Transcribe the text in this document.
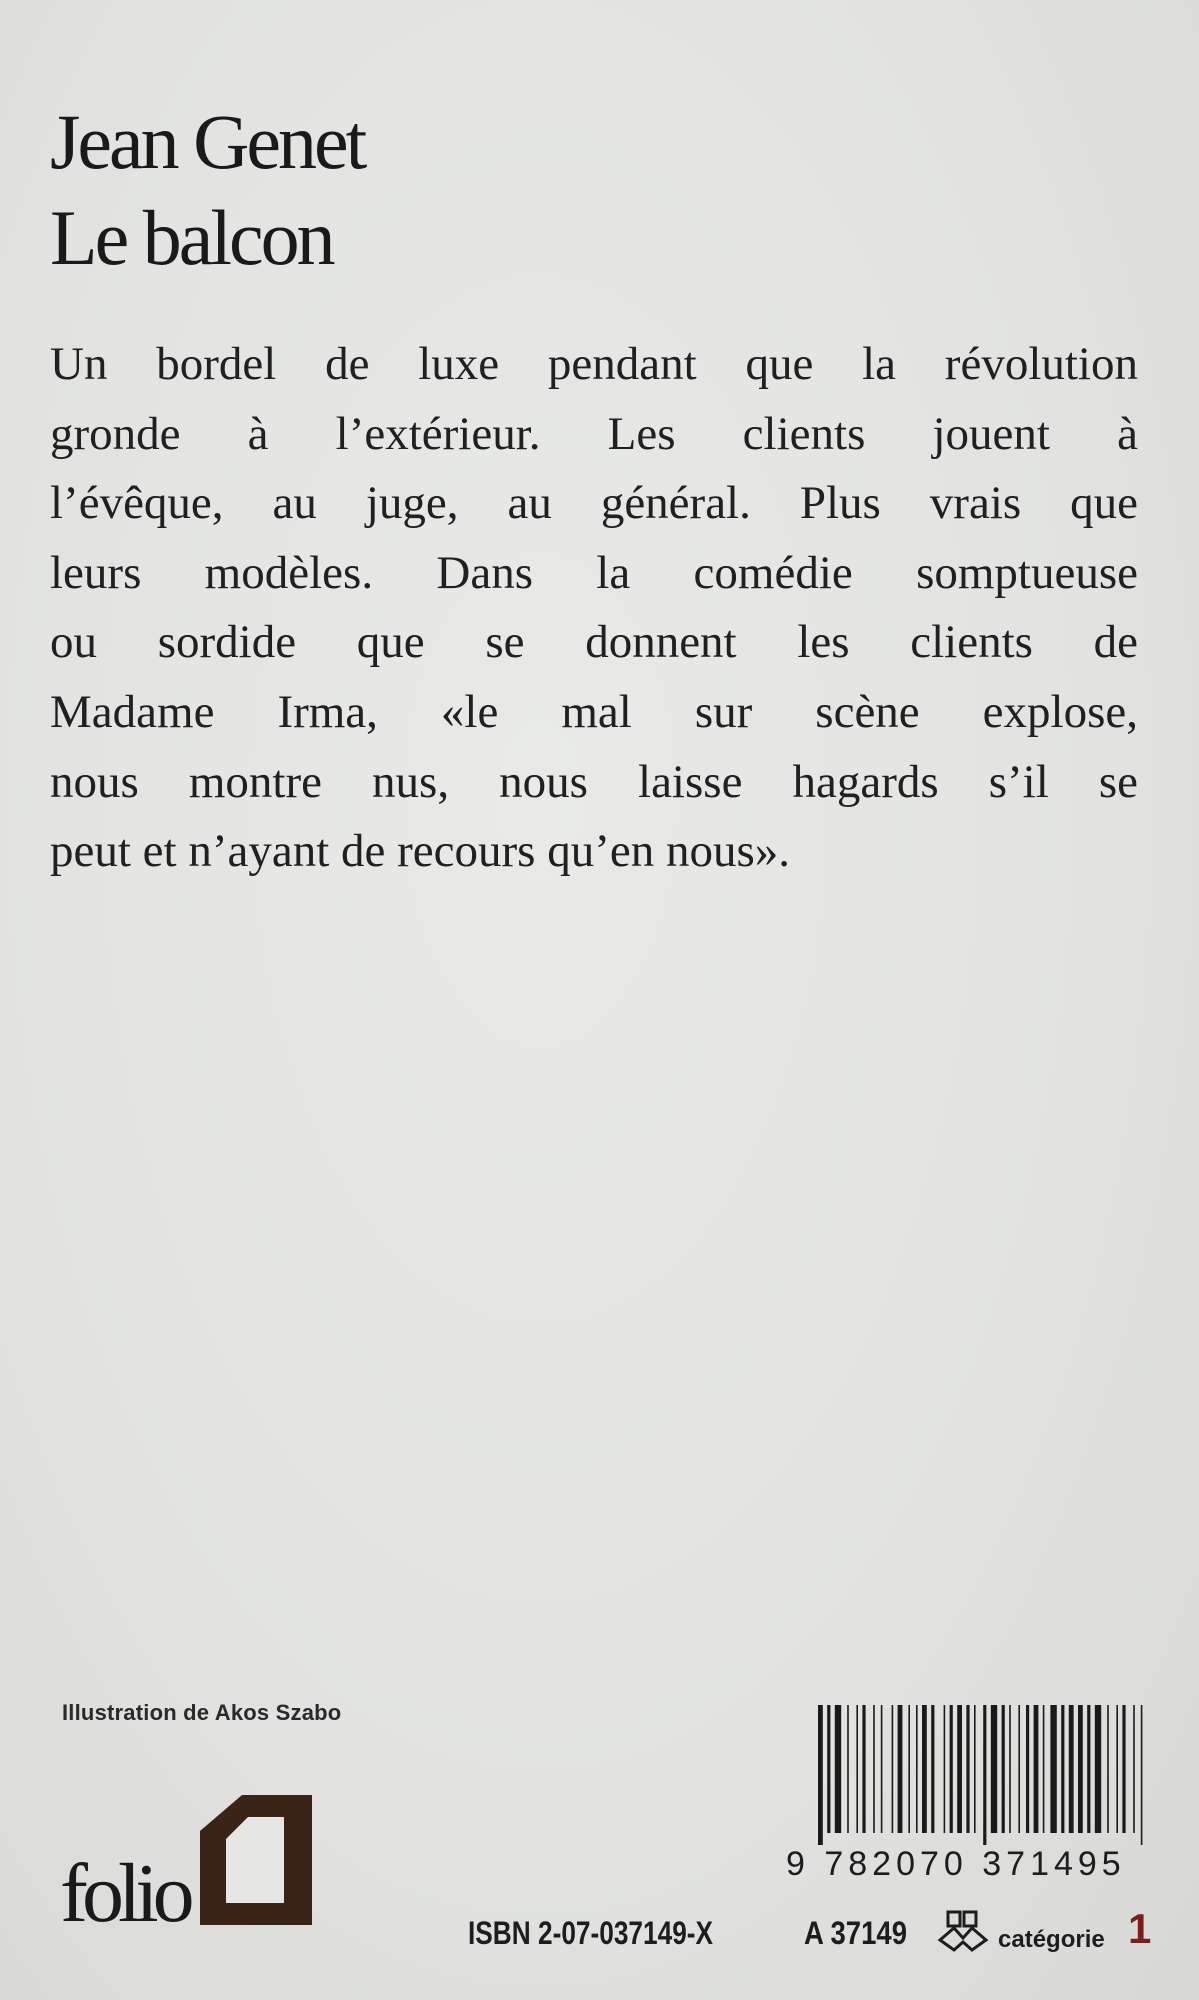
Jean Genet
Le balcon
Un bordel de luxe pendant que la révolution
gronde à l’extérieur. Les clients jouent à
l’évêque, au juge, au général. Plus vrais que
leurs modèles. Dans la comédie somptueuse
ou sordide que se donnent les clients de
Madame Irma, «le mal sur scène explose,
nous montre nus, nous laisse hagards s’il se
peut et n’ayant de recours qu’en nous».
Illustration de Akos Szabo
folio	9 782070 371495
ISBN 2-07-037149-X	A 37149	catégorie 1
